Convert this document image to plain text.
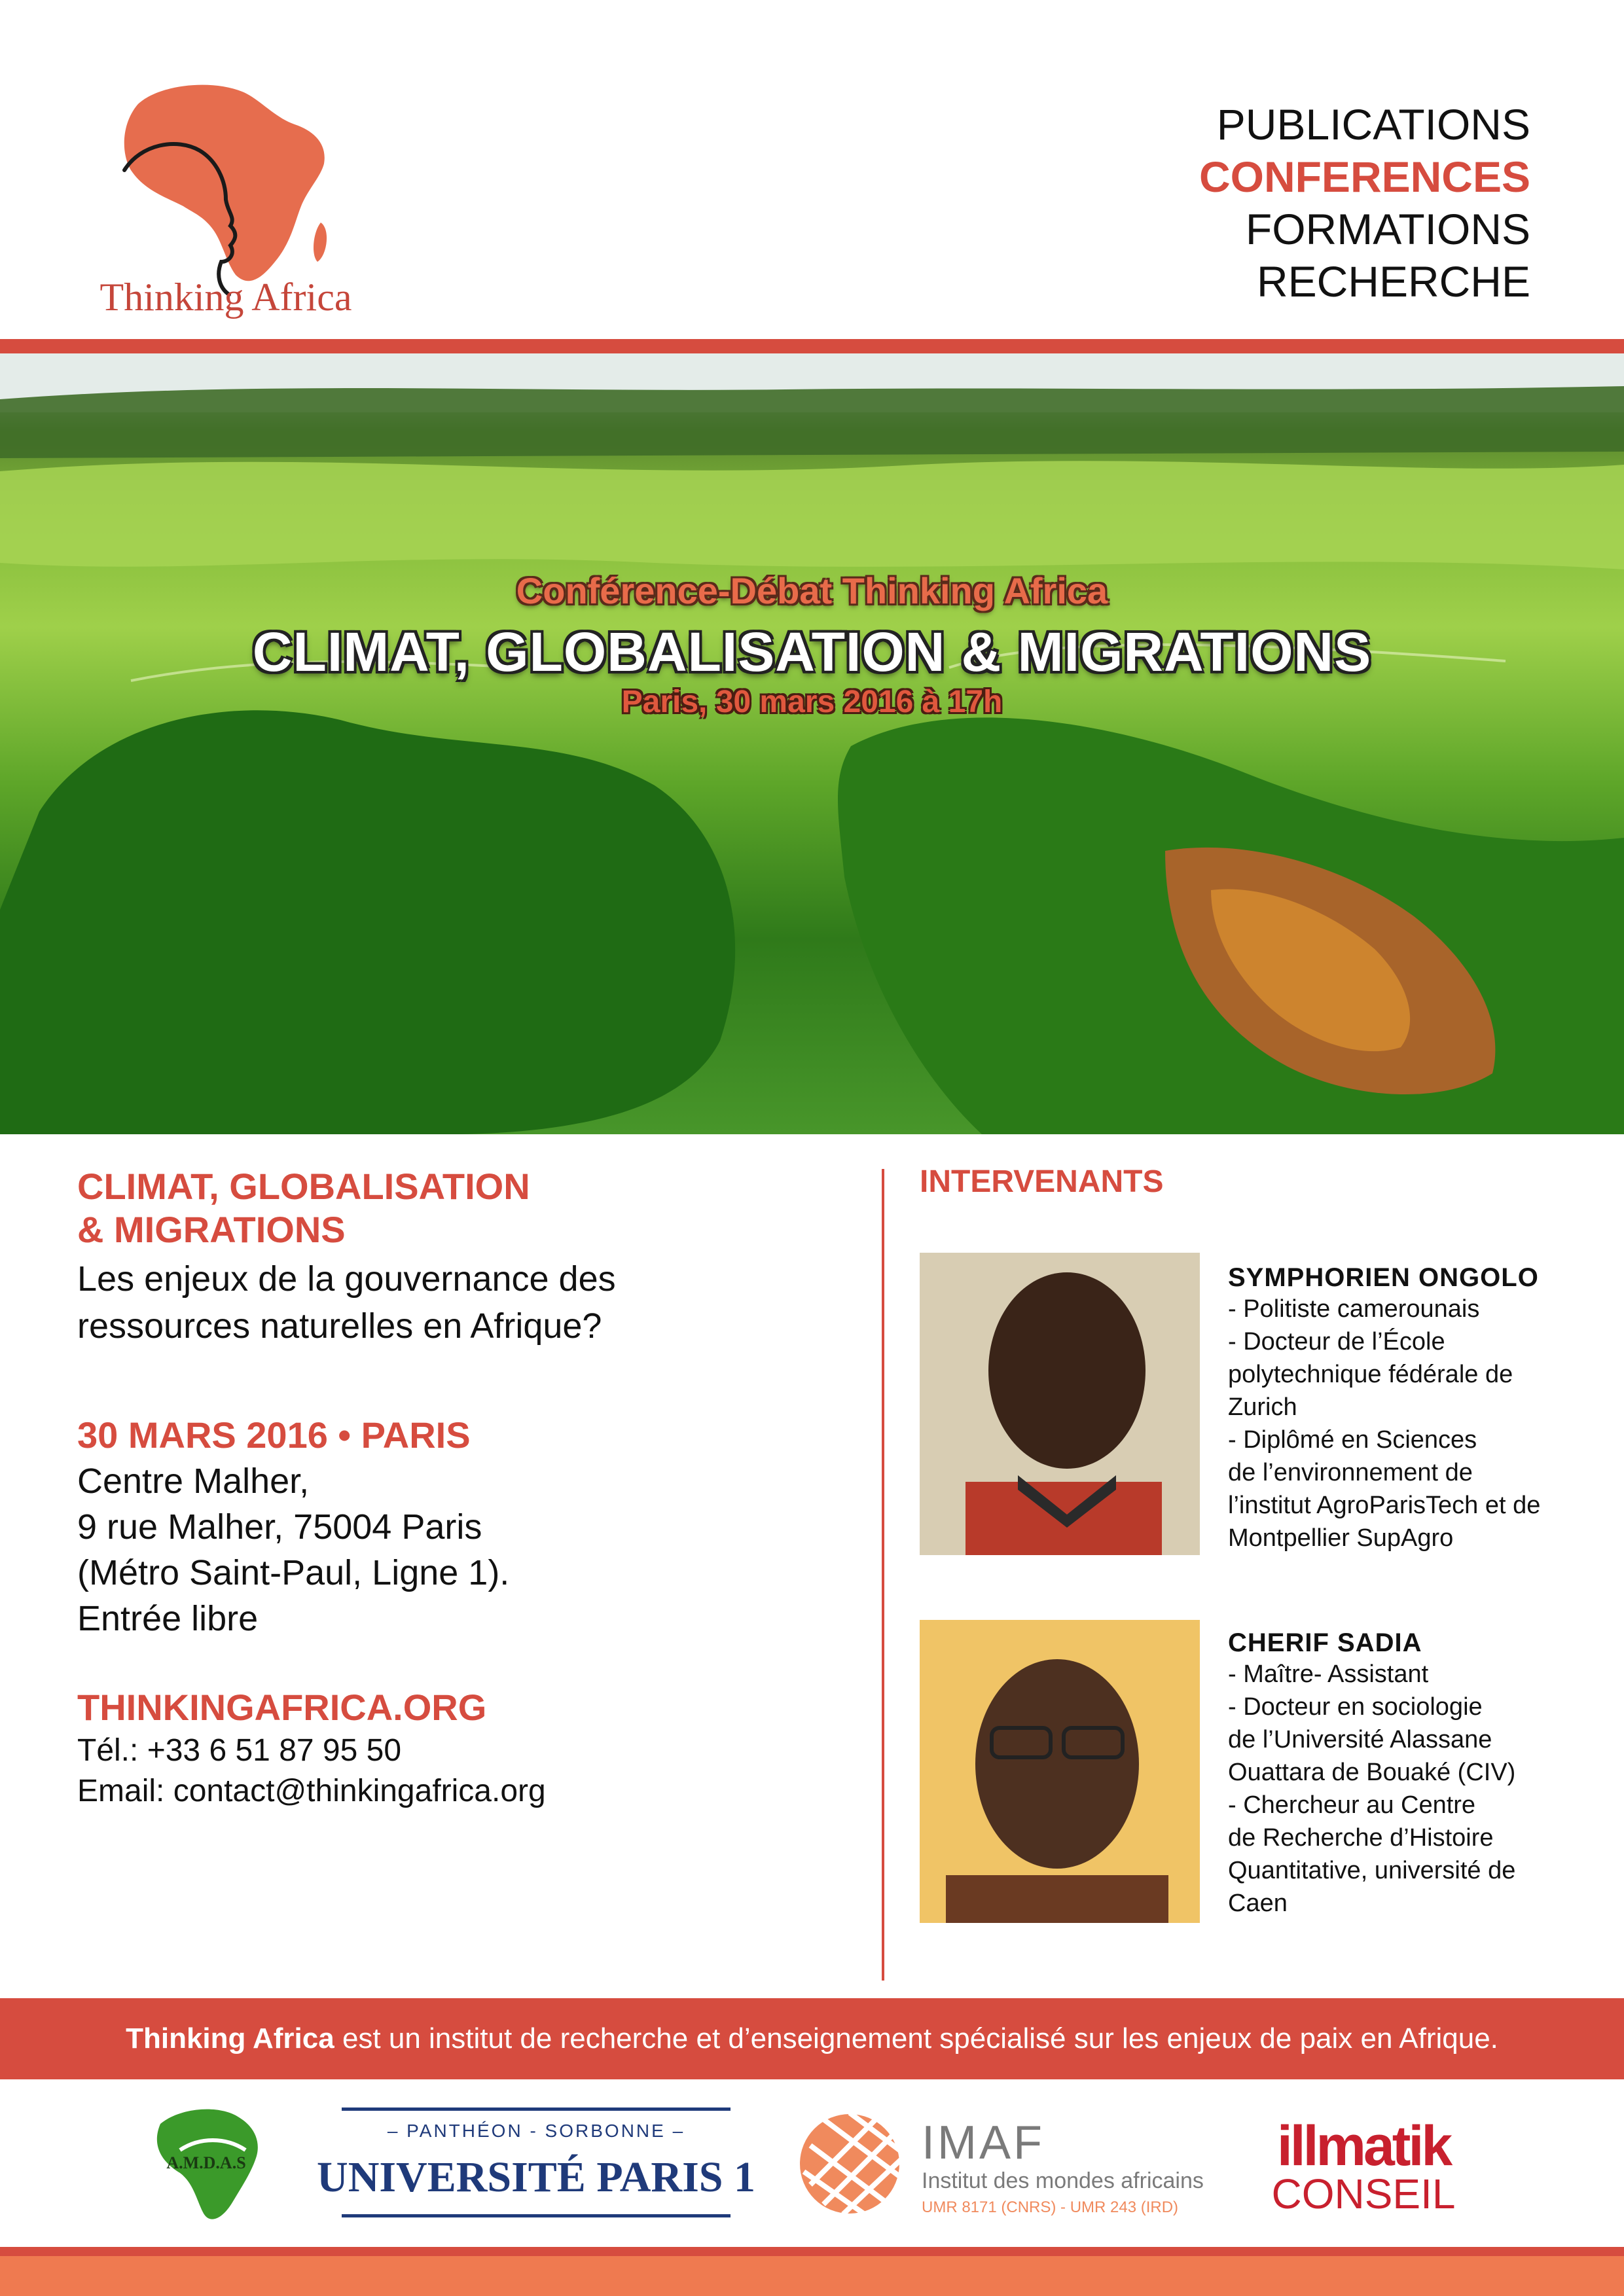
Thinking Africa
PUBLICATIONS
CONFERENCES
FORMATIONS
RECHERCHE
Conférence-Débat Thinking Africa
CLIMAT, GLOBALISATION & MIGRATIONS
Paris, 30 mars 2016 à 17h

CLIMAT, GLOBALISATION
& MIGRATIONS

Les enjeux de la gouvernance des
ressources naturelles en Afrique?

30 MARS 2016 • PARIS
Centre Malher,
9 rue Malher, 75004 Paris
(Métro Saint-Paul, Ligne 1).
Entrée libre
THINKINGAFRICA.ORG
Tél.: +33 6 51 87 95 50
Email: contact@thinkingafrica.org
INTERVENANTS
SYMPHORIEN ONGOLO
- Politiste camerounais
- Docteur de l’École
polytechnique fédérale de
Zurich
- Diplômé en Sciences
de l’environnement de
l’institut AgroParisTech et de
Montpellier SupAgro
CHERIF SADIA
- Maître- Assistant
- Docteur en sociologie
de l’Université Alassane
Ouattara de Bouaké (CIV)
- Chercheur au Centre
de Recherche d’Histoire
Quantitative, université de
Caen
Thinking Africa est un institut de recherche et d’enseignement spécialisé sur les enjeux de paix en Afrique.
A.M.D.A.S
– PANTHÉON - SORBONNE –
UNIVERSITÉ PARIS 1
IMAF
Institut des mondes africains
UMR 8171 (CNRS) - UMR 243 (IRD)
illmatik
CONSEIL
